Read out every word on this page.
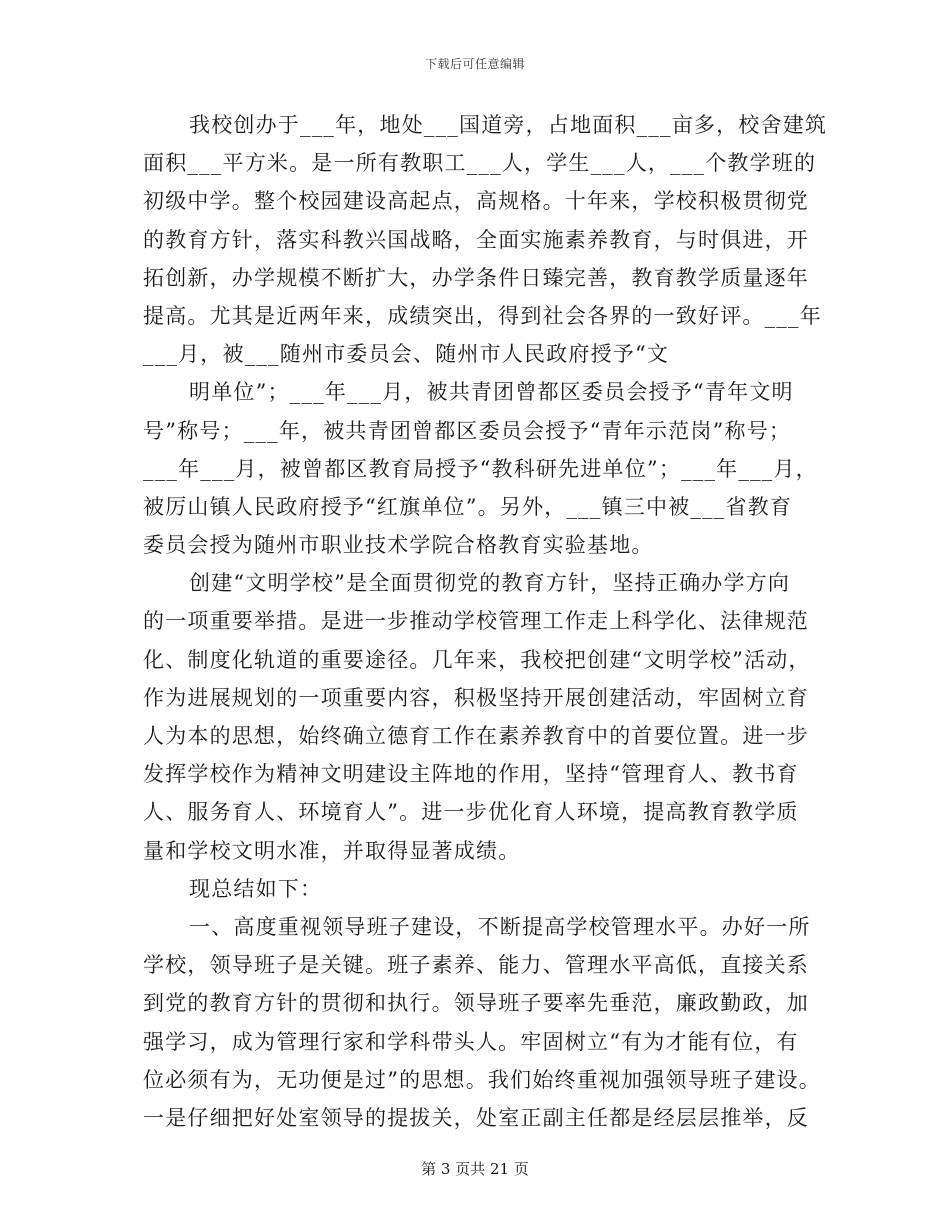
下载后可任意编辑
我校创办于___年，地处___国道旁，占地面积___亩多，校舍建筑
面积___平方米。是一所有教职工___人，学生___人，___个教学班的
初级中学。整个校园建设高起点，高规格。十年来，学校积极贯彻党
的教育方针，落实科教兴国战略，全面实施素养教育，与时俱进，开
拓创新，办学规模不断扩大，办学条件日臻完善，教育教学质量逐年
提高。尤其是近两年来，成绩突出，得到社会各界的一致好评。___年
___月，被___随州市委员会、随州市人民政府授予“文
明单位”；___年___月，被共青团曾都区委员会授予“青年文明
号”称号；___年，被共青团曾都区委员会授予“青年示范岗”称号；
___年___月，被曾都区教育局授予“教科研先进单位”；___年___月，
被厉山镇人民政府授予“红旗单位”。另外，___镇三中被___省教育
委员会授为随州市职业技术学院合格教育实验基地。
创建“文明学校”是全面贯彻党的教育方针，坚持正确办学方向
的一项重要举措。是进一步推动学校管理工作走上科学化、法律规范
化、制度化轨道的重要途径。几年来，我校把创建“文明学校”活动，
作为进展规划的一项重要内容，积极坚持开展创建活动，牢固树立育
人为本的思想，始终确立德育工作在素养教育中的首要位置。进一步
发挥学校作为精神文明建设主阵地的作用，坚持“管理育人、教书育
人、服务育人、环境育人”。进一步优化育人环境，提高教育教学质
量和学校文明水准，并取得显著成绩。
现总结如下：
一、高度重视领导班子建设，不断提高学校管理水平。办好一所
学校，领导班子是关键。班子素养、能力、管理水平高低，直接关系
到党的教育方针的贯彻和执行。领导班子要率先垂范，廉政勤政，加
强学习，成为管理行家和学科带头人。牢固树立“有为才能有位，有
位必须有为，无功便是过”的思想。我们始终重视加强领导班子建设。
一是仔细把好处室领导的提拔关，处室正副主任都是经层层推举，反
第 3 页共 21 页
